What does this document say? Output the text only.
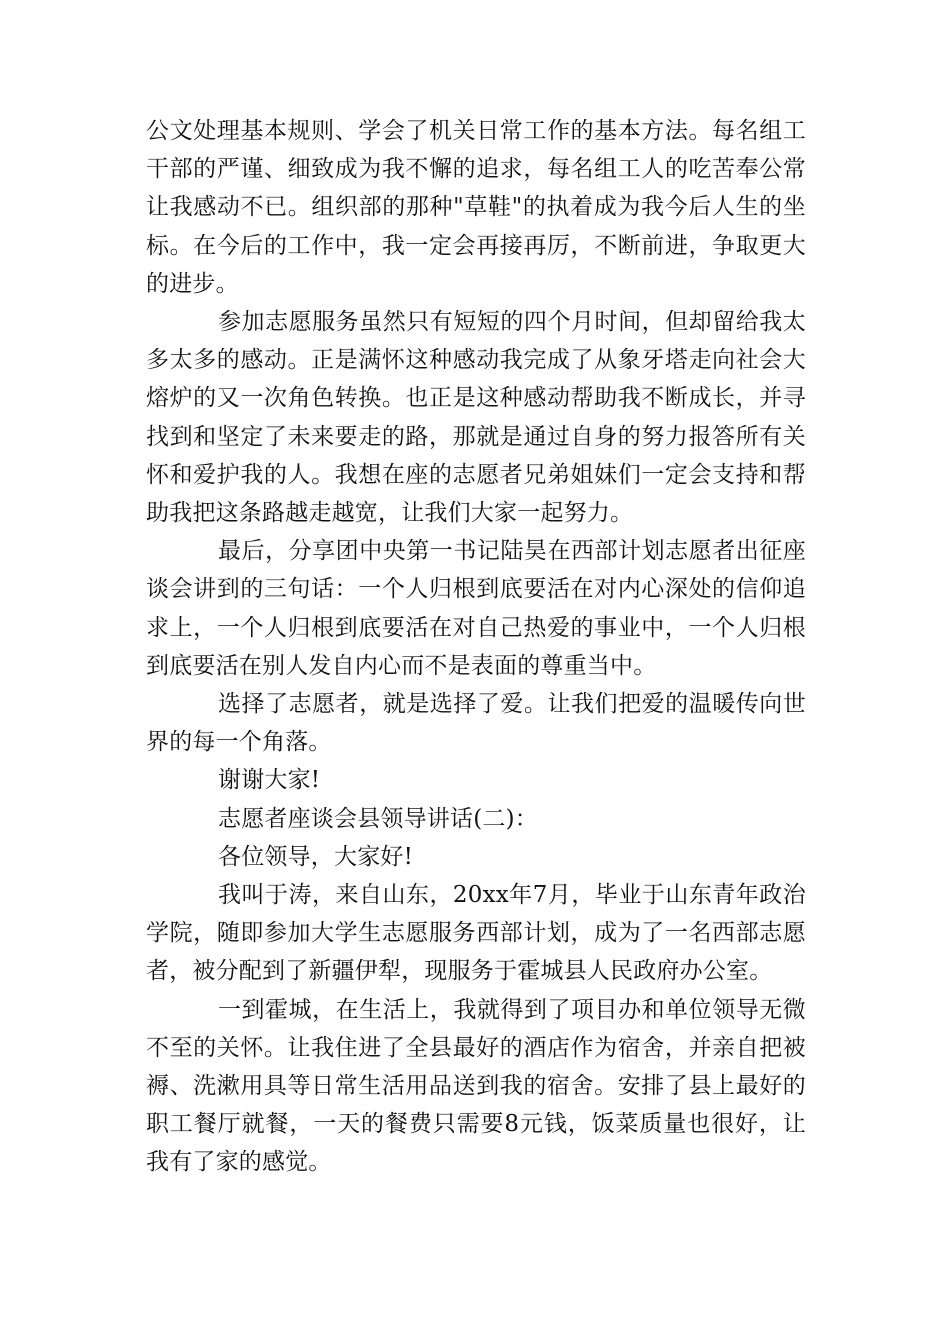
公文处理基本规则、学会了机关日常工作的基本方法。每名组工干部的严谨、细致成为我不懈的追求，每名组工人的吃苦奉公常让我感动不已。组织部的那种"草鞋"的执着成为我今后人生的坐标。在今后的工作中，我一定会再接再厉，不断前进，争取更大的进步。

参加志愿服务虽然只有短短的四个月时间，但却留给我太多太多的感动。正是满怀这种感动我完成了从象牙塔走向社会大熔炉的又一次角色转换。也正是这种感动帮助我不断成长，并寻找到和坚定了未来要走的路，那就是通过自身的努力报答所有关怀和爱护我的人。我想在座的志愿者兄弟姐妹们一定会支持和帮助我把这条路越走越宽，让我们大家一起努力。

最后，分享团中央第一书记陆昊在西部计划志愿者出征座谈会讲到的三句话：一个人归根到底要活在对内心深处的信仰追求上，一个人归根到底要活在对自己热爱的事业中，一个人归根到底要活在别人发自内心而不是表面的尊重当中。

选择了志愿者，就是选择了爱。让我们把爱的温暖传向世界的每一个角落。

谢谢大家!

志愿者座谈会县领导讲话(二)：

各位领导，大家好!

我叫于涛，来自山东，20xx年7月，毕业于山东青年政治学院，随即参加大学生志愿服务西部计划，成为了一名西部志愿者，被分配到了新疆伊犁，现服务于霍城县人民政府办公室。

一到霍城，在生活上，我就得到了项目办和单位领导无微不至的关怀。让我住进了全县最好的酒店作为宿舍，并亲自把被褥、洗漱用具等日常生活用品送到我的宿舍。安排了县上最好的职工餐厅就餐，一天的餐费只需要8元钱，饭菜质量也很好，让我有了家的感觉。
